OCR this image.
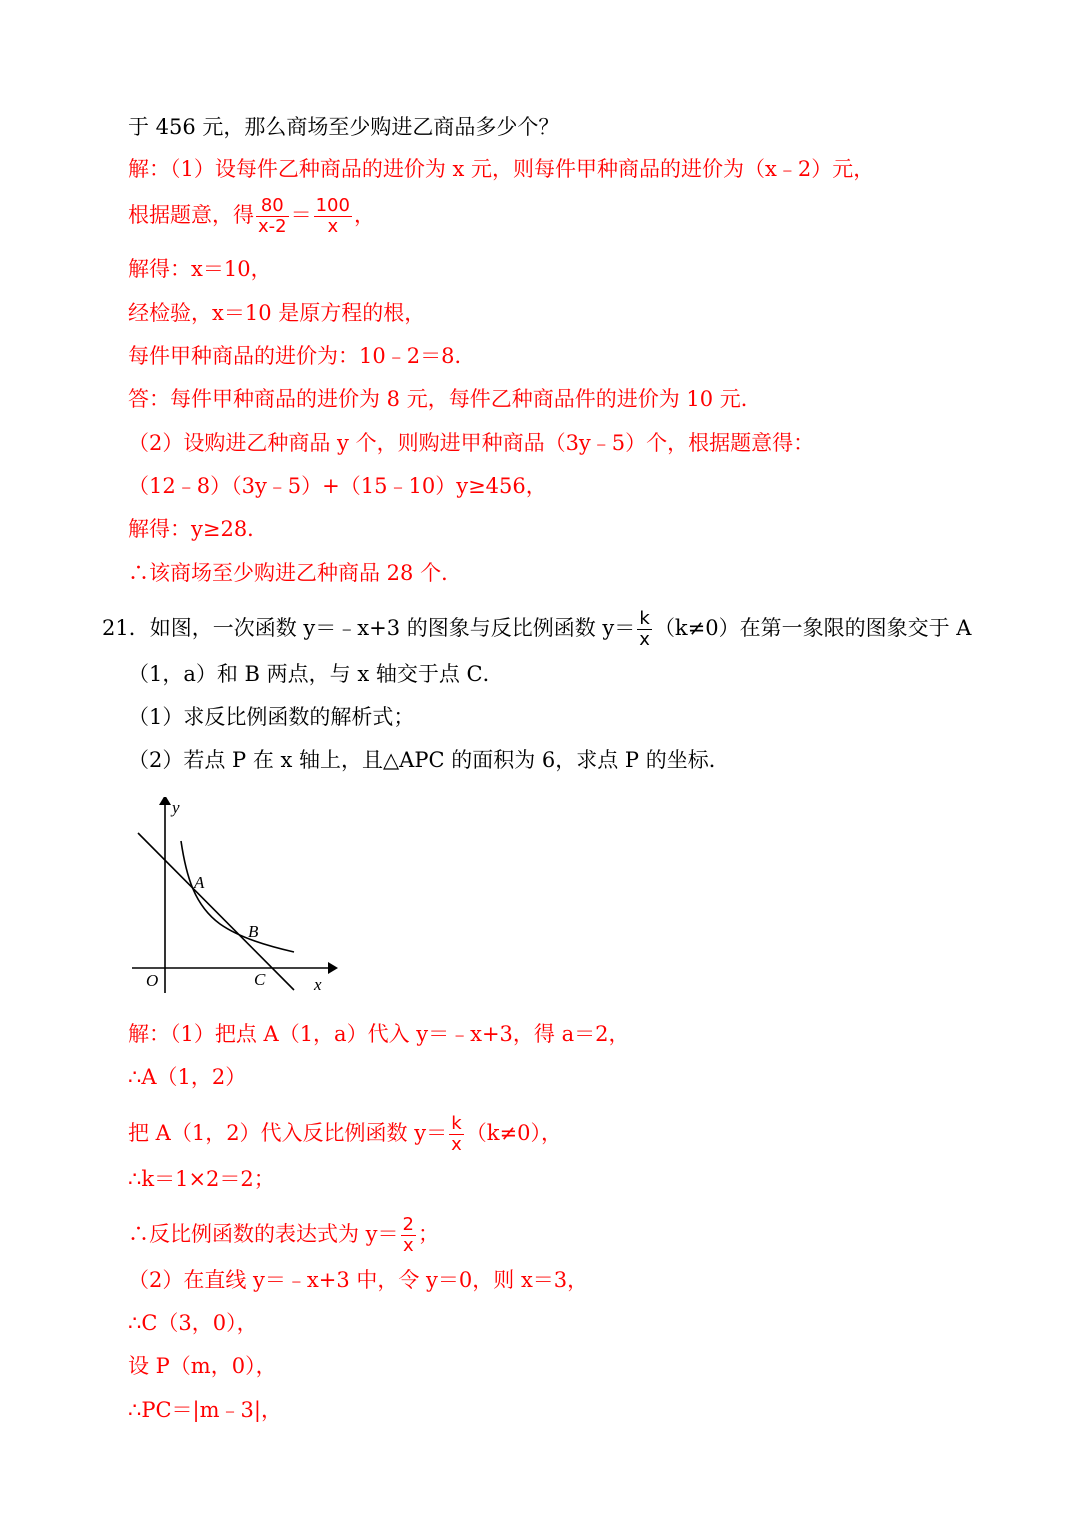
于 456 元，那么商场至少购进乙商品多少个？
解：（1）设每件乙种商品的进价为 x 元，则每件甲种商品的进价为（x﹣2）元，
根据题意，得 $\frac{80}{x-2} = \frac{100}{x}$ ，
解得：x＝10，
经检验，x＝10 是原方程的根，
每件甲种商品的进价为：10﹣2＝8．
答：每件甲种商品的进价为 8 元，每件乙种商品件的进价为 10 元．
（2）设购进乙种商品 y 个，则购进甲种商品（3y﹣5）个，根据题意得：
（12﹣8）（3y﹣5）+（15﹣10）y≥456，
解得：y≥28．
∴该商场至少购进乙种商品 28 个．
21．如图，一次函数 y＝﹣x+3 的图象与反比例函数 $y= \frac{k}{x} (k\ne 0)$在第一象限的图象交于 A
（1，a）和 B 两点，与 x 轴交于点 C．
（1）求反比例函数的解析式；
（2）若点 P 在 x 轴上，且△APC 的面积为 6，求点 P 的坐标．
y
x
O
A
B
C
解：（1）把点 A（1，a）代入 y＝﹣x+3，得 a＝2，
∴A（1，2）
把 A（1，2）代入反比例函数 $y= \frac{k}{x} (k\ne 0)$，
∴k＝1×2＝2；
∴反比例函数的表达式为 $y= \frac{2}{x}$ ；
（2）在直线 y＝﹣x+3 中，令 y＝0，则 x＝3，
∴C（3，0），
设 P（m，0），
∴PC＝|m﹣3|，
